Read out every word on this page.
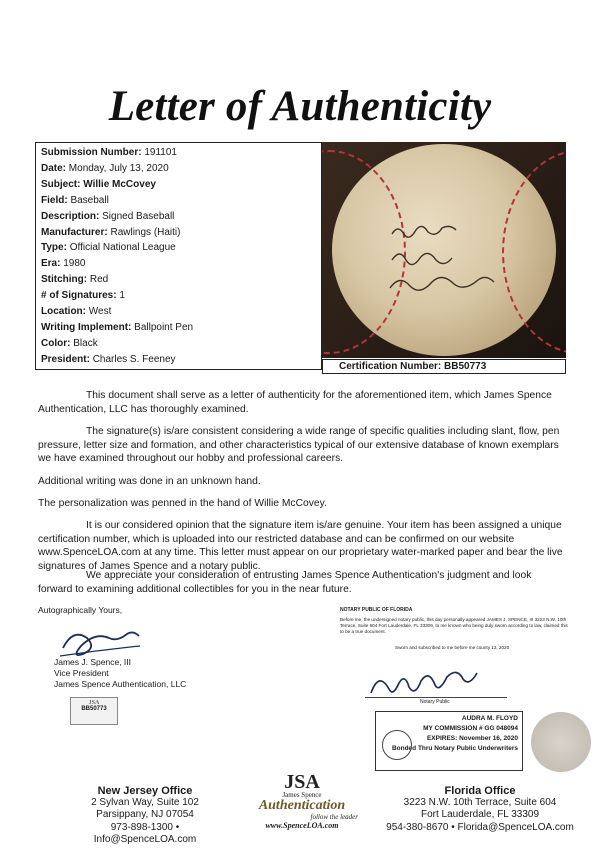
Letter of Authenticity
Submission Number: 191101
Date: Monday, July 13, 2020
Subject: Willie McCovey
Field: Baseball
Description: Signed Baseball
Manufacturer: Rawlings (Haiti)
Type: Official National League
Era: 1980
Stitching: Red
# of Signatures: 1
Location: West
Writing Implement: Ballpoint Pen
Color: Black
President: Charles S. Feeney
Certification Number: BB50773
This document shall serve as a letter of authenticity for the aforementioned item, which James Spence Authentication, LLC has thoroughly examined.
The signature(s) is/are consistent considering a wide range of specific qualities including slant, flow, pen pressure, letter size and formation, and other characteristics typical of our extensive database of known exemplars we have examined throughout our hobby and professional careers.
Additional writing was done in an unknown hand.
The personalization was penned in the hand of Willie McCovey.
It is our considered opinion that the signature item is/are genuine. Your item has been assigned a unique certification number, which is uploaded into our restricted database and can be confirmed on our website www.SpenceLOA.com at any time. This letter must appear on our proprietary water-marked paper and bear the live signatures of James Spence and a notary public.
We appreciate your consideration of entrusting James Spence Authentication's judgment and look forward to examining additional collectibles for you in the near future.
Autographically Yours,
James J. Spence, III
Vice President
James Spence Authentication, LLC
JSA
BB50773
NOTARY PUBLIC OF FLORIDA
Before me, the undersigned notary public, this day personally appeared JAMES J. SPENCE, III 3223 N.W. 10th Terrace, Suite 604 Fort Lauderdale, FL 33309, to me known who being duly sworn according to law, claimed this to be a true document.
Sworn and subscribed to me before me county 13, 2020
Notary Public
AUDRA M. FLOYD
MY COMMISSION # GG 048094
EXPIRES: November 16, 2020
Bonded Thru Notary Public Underwriters
New Jersey Office
2 Sylvan Way, Suite 102
Parsippany, NJ 07054
973-898-1300 • Info@SpenceLOA.com
JSA
James Spence
Authentication
follow the leader
www.SpenceLOA.com
Florida Office
3223 N.W. 10th Terrace, Suite 604
Fort Lauderdale, FL 33309
954-380-8670 • Florida@SpenceLOA.com
